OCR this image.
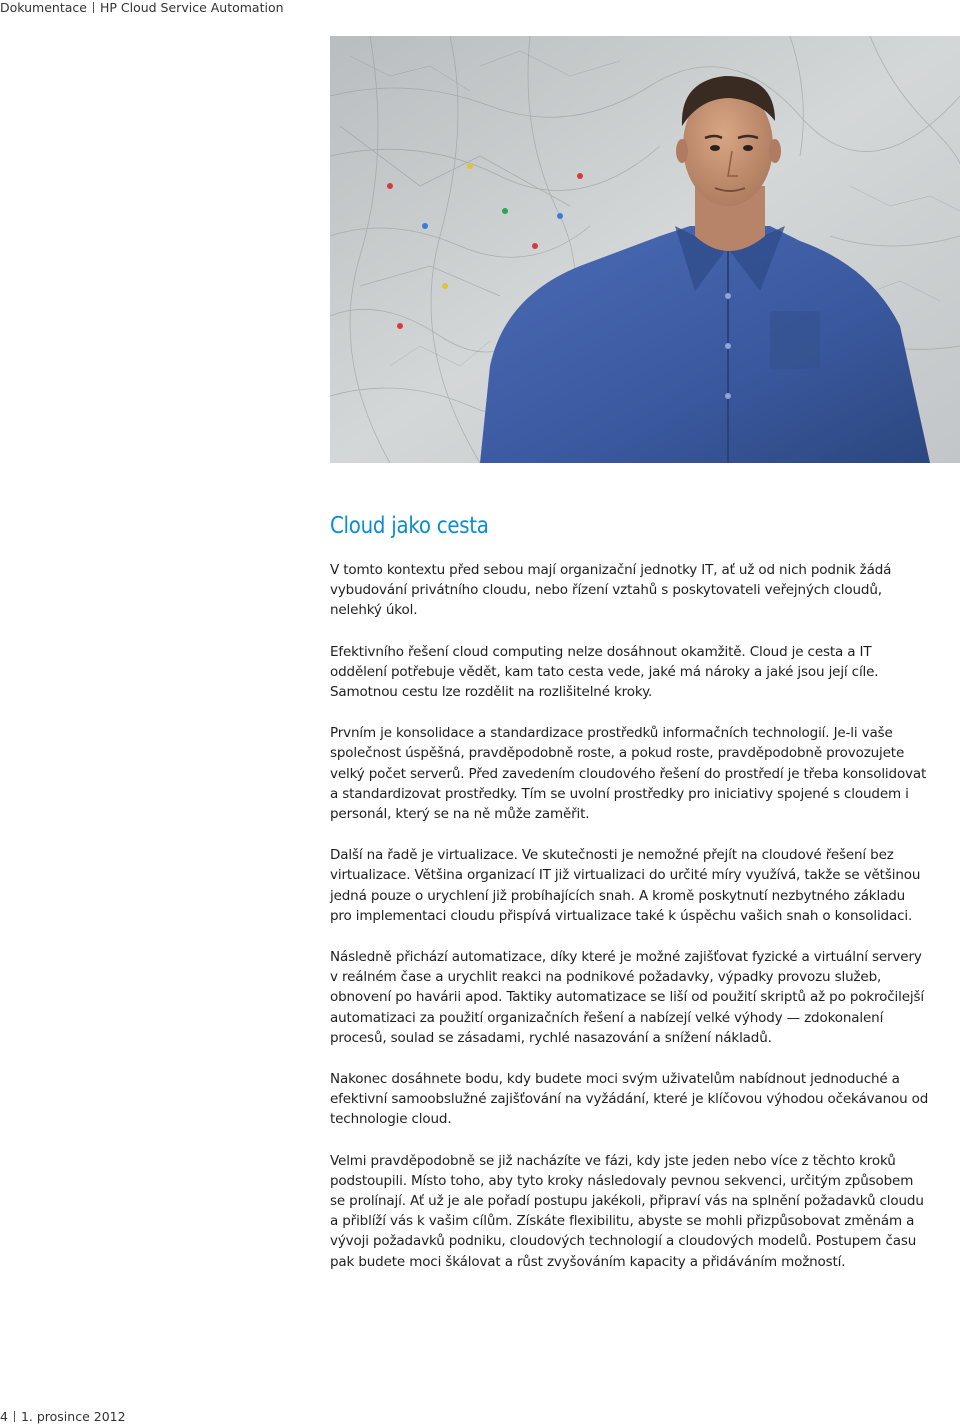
Dokumentace HP Cloud Service Automation
Cloud jako cesta

V tomto kontextu před sebou mají organizační jednotky IT, ať už od nich podnik žádá vybudování privátního cloudu, nebo řízení vztahů s poskytovateli veřejných cloudů, nelehký úkol.

Efektivního řešení cloud computing nelze dosáhnout okamžitě. Cloud je cesta a IT oddělení potřebuje vědět, kam tato cesta vede, jaké má nároky a jaké jsou její cíle. Samotnou cestu lze rozdělit na rozlišitelné kroky.

Prvním je konsolidace a standardizace prostředků informačních technologií. Je-li vaše společnost úspěšná, pravděpodobně roste, a pokud roste, pravděpodobně provozujete velký počet serverů. Před zavedením cloudového řešení do prostředí je třeba konsolidovat a standardizovat prostředky. Tím se uvolní prostředky pro iniciativy spojené s cloudem i personál, který se na ně může zaměřit.

Další na řadě je virtualizace. Ve skutečnosti je nemožné přejít na cloudové řešení bez virtualizace. Většina organizací IT již virtualizaci do určité míry využívá, takže se většinou jedná pouze o urychlení již probíhajících snah. A kromě poskytnutí nezbytného základu pro implementaci cloudu přispívá virtualizace také k úspěchu vašich snah o konsolidaci.

Následně přichází automatizace, díky které je možné zajišťovat fyzické a virtuální servery v reálném čase a urychlit reakci na podnikové požadavky, výpadky provozu služeb, obnovení po havárii apod. Taktiky automatizace se liší od použití skriptů až po pokročilejší automatizaci za použití organizačních řešení a nabízejí velké výhody — zdokonalení procesů, soulad se zásadami, rychlé nasazování a snížení nákladů.

Nakonec dosáhnete bodu, kdy budete moci svým uživatelům nabídnout jednoduché a efektivní samoobslužné zajišťování na vyžádání, které je klíčovou výhodou očekávanou od technologie cloud.

Velmi pravděpodobně se již nacházíte ve fázi, kdy jste jeden nebo více z těchto kroků podstoupili. Místo toho, aby tyto kroky následovaly pevnou sekvenci, určitým způsobem se prolínají. Ať už je ale pořadí postupu jakékoli, připraví vás na splnění požadavků cloudu a přiblíží vás k vašim cílům. Získáte flexibilitu, abyste se mohli přizpůsobovat změnám a vývoji požadavků podniku, cloudových technologií a cloudových modelů. Postupem času pak budete moci škálovat a růst zvyšováním kapacity a přidáváním možností.

4 1. prosince 2012
